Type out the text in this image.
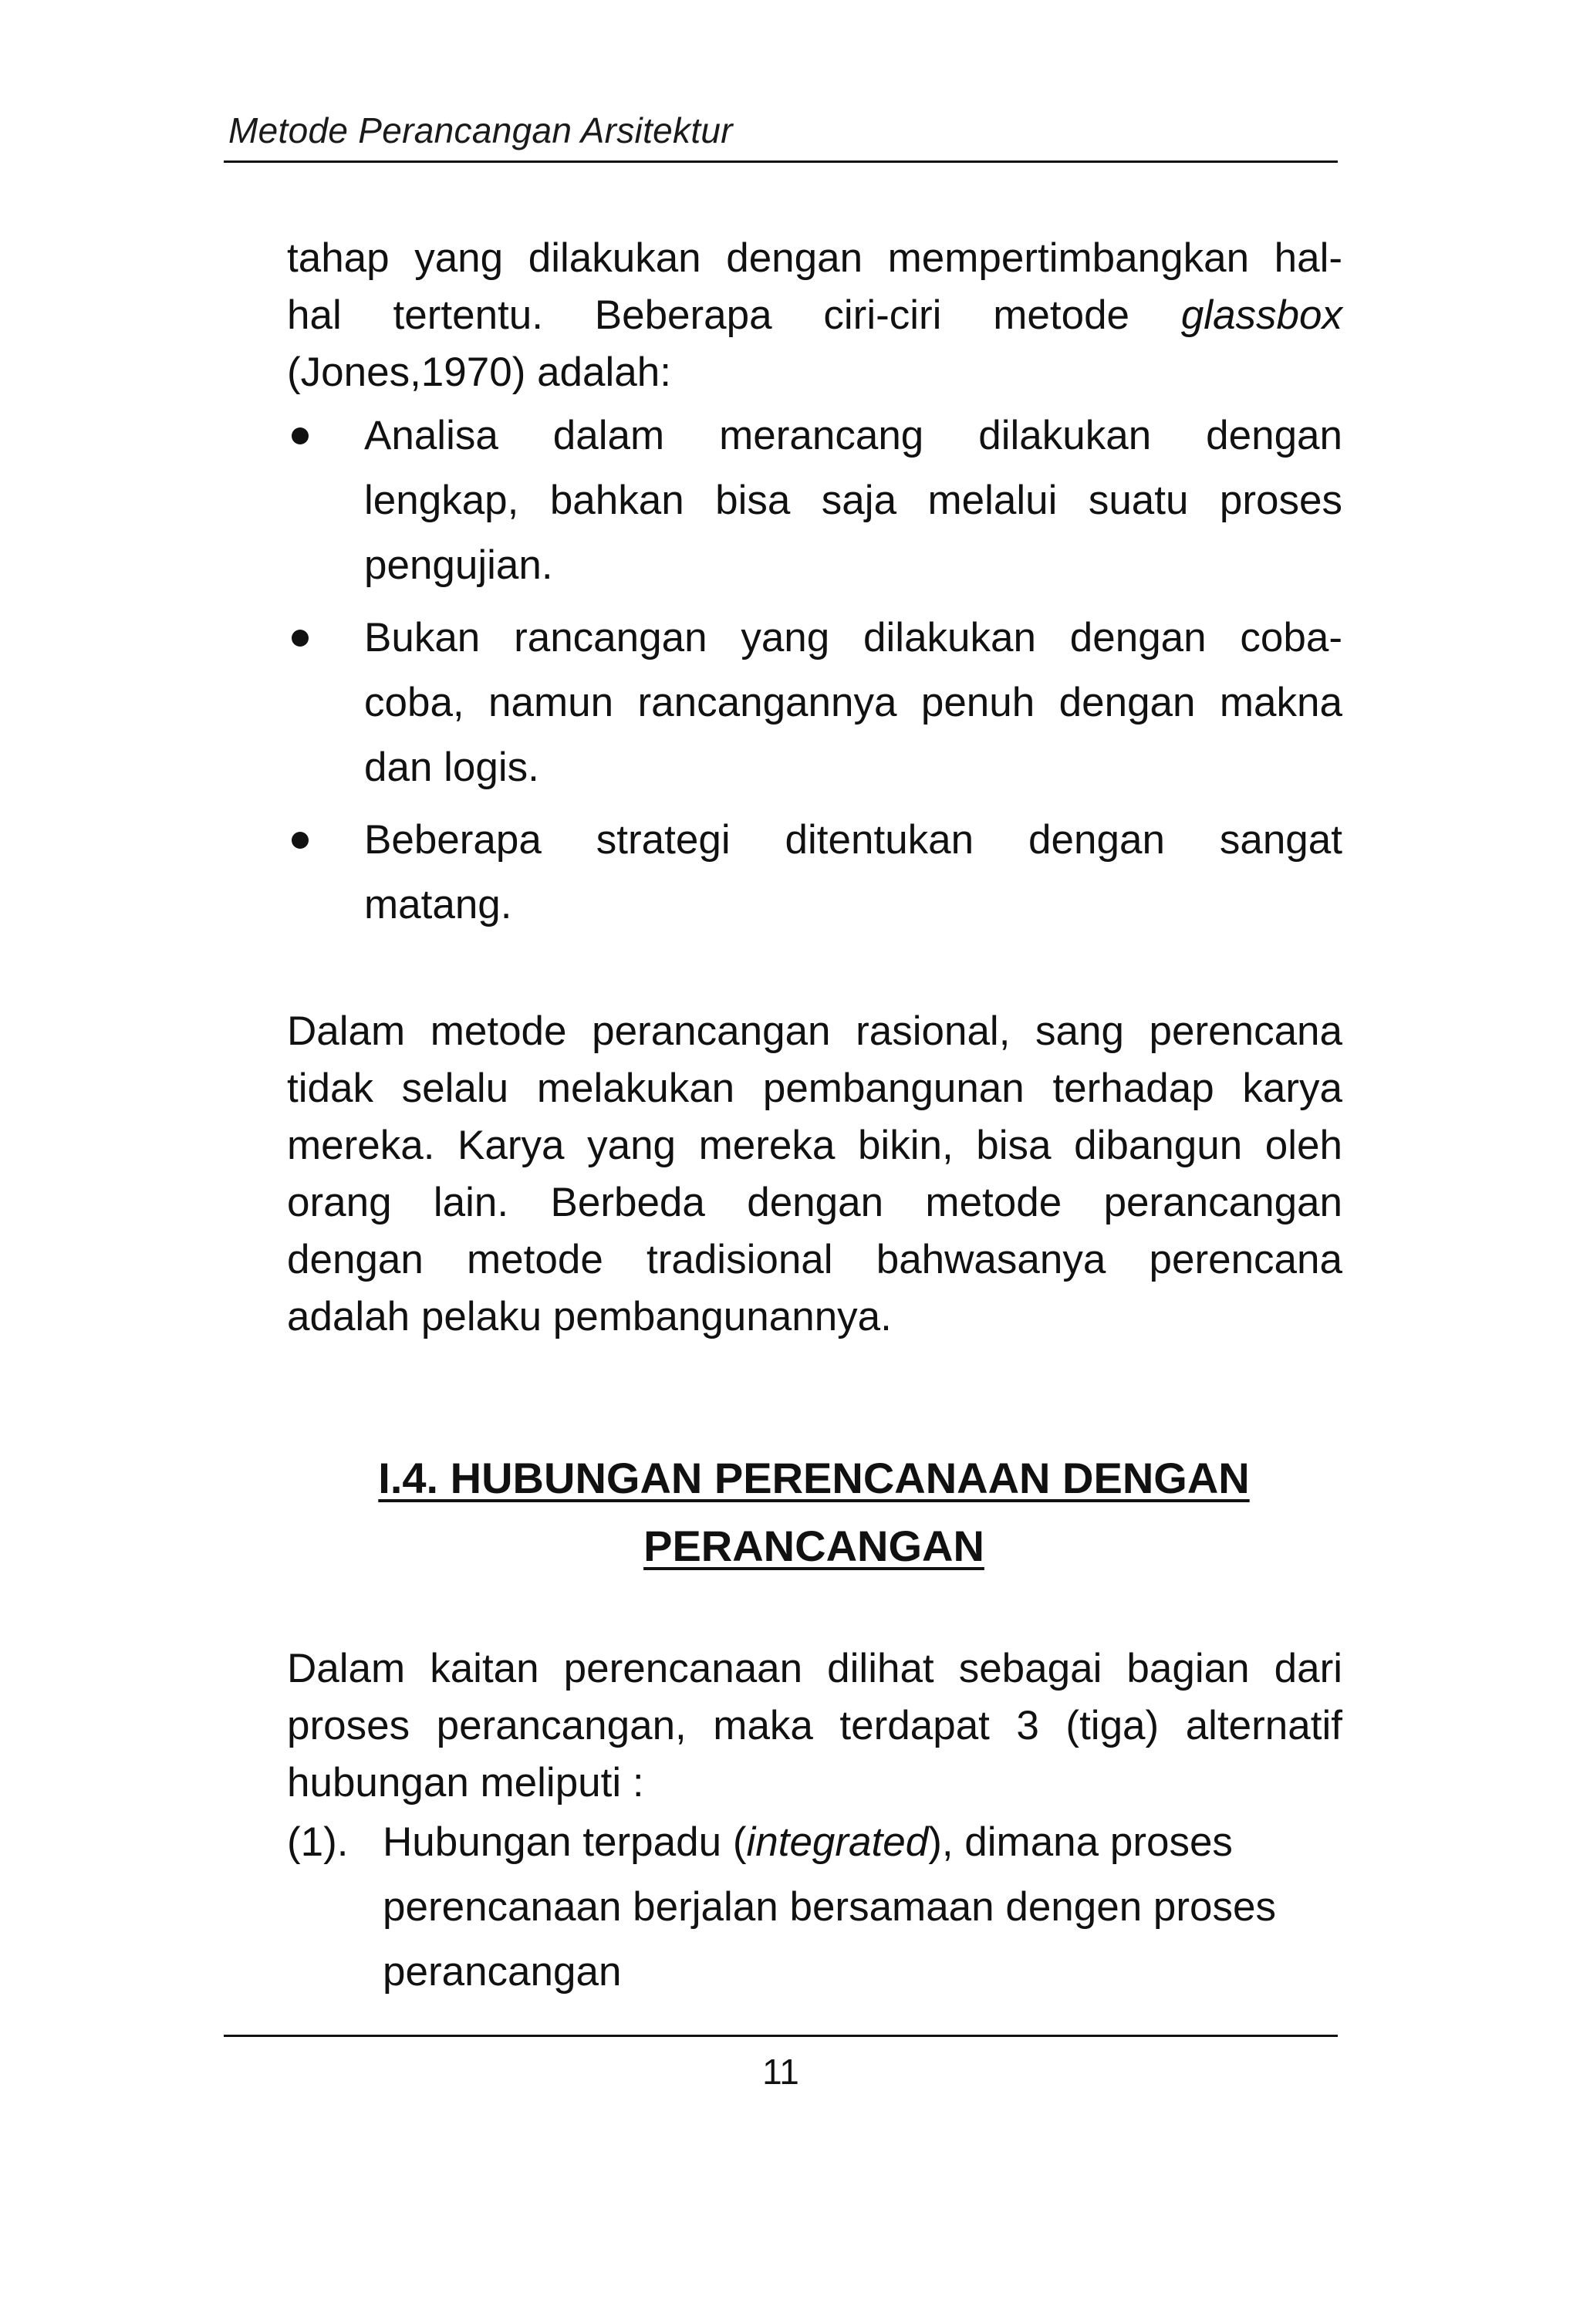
Metode Perancangan Arsitektur
tahap yang dilakukan dengan mempertimbangkan hal-
hal tertentu. Beberapa ciri-ciri metode glassbox
(Jones,1970) adalah:
Analisa dalam merancang dilakukan dengan
lengkap, bahkan bisa saja melalui suatu proses
pengujian.
Bukan rancangan yang dilakukan dengan coba-
coba, namun rancangannya penuh dengan makna
dan logis.
Beberapa strategi ditentukan dengan sangat
matang.
Dalam metode perancangan rasional, sang perencana
tidak selalu melakukan pembangunan terhadap karya
mereka. Karya yang mereka bikin, bisa dibangun oleh
orang lain. Berbeda dengan metode perancangan
dengan metode tradisional bahwasanya perencana
adalah pelaku pembangunannya.
I.4. HUBUNGAN PERENCANAAN DENGAN
PERANCANGAN
Dalam kaitan perencanaan dilihat sebagai bagian dari
proses perancangan, maka terdapat 3 (tiga) alternatif
hubungan meliputi :
(1). Hubungan terpadu (integrated), dimana proses
perencanaan berjalan bersamaan dengen proses
perancangan
11
